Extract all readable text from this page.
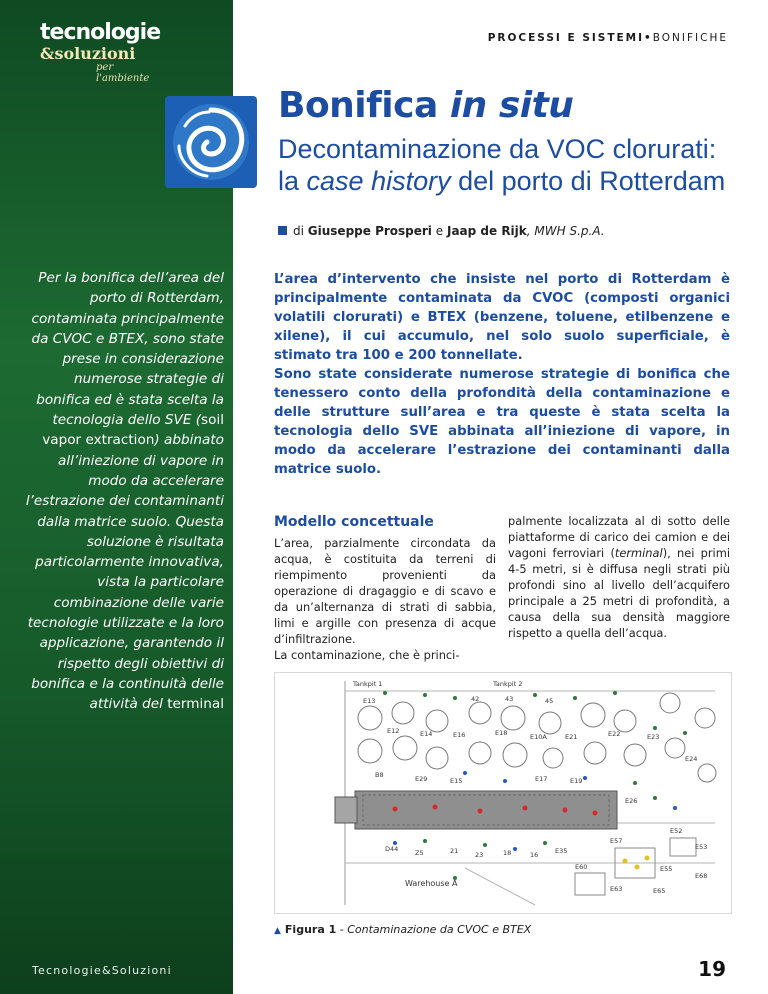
tecnologie
&soluzioni
per l'ambiente
Per la bonifica dell’area del porto di Rotterdam, contaminata principalmente da CVOC e BTEX, sono state prese in considerazione numerose strategie di bonifica ed è stata scelta la tecnologia dello SVE (soil vapor extraction) abbinato all’iniezione di vapore in modo da accelerare l’estrazione dei contaminanti dalla matrice suolo. Questa soluzione è risultata particolarmente innovativa, vista la particolare combinazione delle varie tecnologie utilizzate e la loro applicazione, garantendo il rispetto degli obiettivi di bonifica e la continuità delle attività del terminal
Tecnologie&Soluzioni
PROCESSI E SISTEMI•BONIFICHE
Bonifica in situ
Decontaminazione da VOC clorurati:
la case history del porto di Rotterdam
di Giuseppe Prosperi e Jaap de Rijk, MWH S.p.A.

L’area d’intervento che insiste nel porto di Rotterdam è principalmente contaminata da CVOC (composti organici volatili clorurati) e BTEX (benzene, toluene, etilbenzene e xilene), il cui accumulo, nel solo suolo superficiale, è stimato tra 100 e 200 tonnellate.

Sono state considerate numerose strategie di bonifica che tenessero conto della profondità della contaminazione e delle strutture sull’area e tra queste è stata scelta la tecnologia dello SVE abbinata all’iniezione di vapore, in modo da accelerare l’estrazione dei contaminanti dalla matrice suolo.

Modello concettuale

L’area, parzialmente circondata da acqua, è costituita da terreni di riempimento provenienti da operazione di dragaggio e di scavo e da un’alternanza di strati di sabbia, limi e argille con presenza di acque d’infiltrazione.

La contaminazione, che è princi-

palmente localizzata al di sotto delle piattaforme di carico dei camion e dei vagoni ferroviari (terminal), nei primi 4-5 metri, si è diffusa negli strati più profondi sino al livello dell’acquifero principale a 25 metri di profondità, a causa della sua densità maggiore rispetto a quella dell’acqua.

Tankpit 1	Tankpit 2
Warehouse A
E13
E12	E14	E16	E18	E10A	E21	E22	E23
E24
42	43	45
B8	E29	E15	E17	E19
E26
D44	Z5	21	23	18	16	E35
E52
E53
E55
E57
E60
E63	E65
E68
▲ Figura 1 - Contaminazione da CVOC e BTEX
19
